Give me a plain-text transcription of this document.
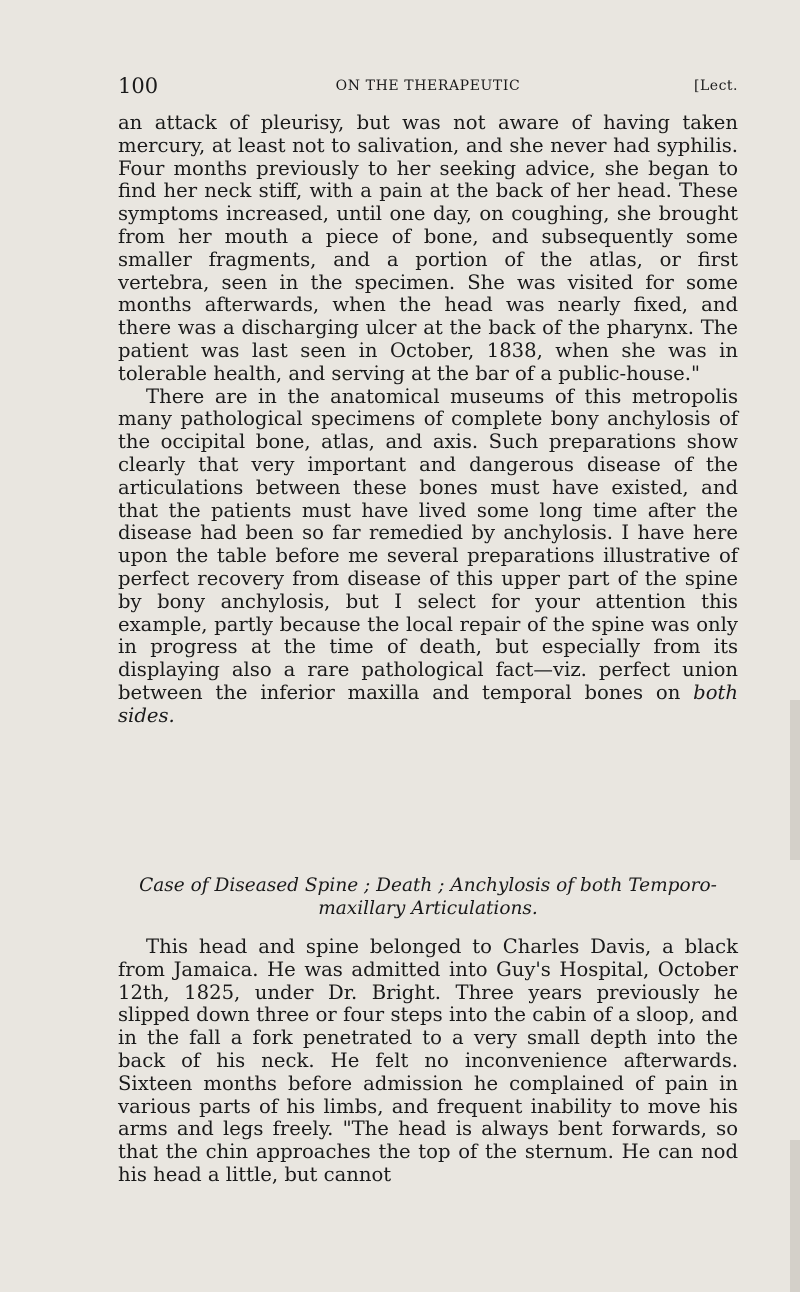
100	ON THE THERAPEUTIC	[Lect.

an attack of pleurisy, but was not aware of having taken mercury, at least not to salivation, and she never had syphilis. Four months previously to her seeking advice, she began to find her neck stiff, with a pain at the back of her head. These symptoms increased, until one day, on coughing, she brought from her mouth a piece of bone, and subsequently some smaller fragments, and a portion of the atlas, or first vertebra, seen in the specimen. She was visited for some months afterwards, when the head was nearly fixed, and there was a discharging ulcer at the back of the pharynx. The patient was last seen in October, 1838, when she was in tolerable health, and serving at the bar of a public-house."

There are in the anatomical museums of this metropolis many pathological specimens of complete bony anchylosis of the occipital bone, atlas, and axis. Such preparations show clearly that very important and dangerous disease of the articulations between these bones must have existed, and that the patients must have lived some long time after the disease had been so far remedied by anchylosis. I have here upon the table before me several preparations illustrative of perfect recovery from disease of this upper part of the spine by bony anchylosis, but I select for your attention this example, partly because the local repair of the spine was only in progress at the time of death, but especially from its displaying also a rare pathological fact—viz. perfect union between the inferior maxilla and temporal bones on both sides.

Case of Diseased Spine ; Death ; Anchylosis of both Temporo-
maxillary Articulations.

This head and spine belonged to Charles Davis, a black from Jamaica. He was admitted into Guy's Hospital, October 12th, 1825, under Dr. Bright. Three years previously he slipped down three or four steps into the cabin of a sloop, and in the fall a fork penetrated to a very small depth into the back of his neck. He felt no inconvenience afterwards. Sixteen months before admission he complained of pain in various parts of his limbs, and frequent inability to move his arms and legs freely. "The head is always bent forwards, so that the chin approaches the top of the sternum. He can nod his head a little, but cannot
